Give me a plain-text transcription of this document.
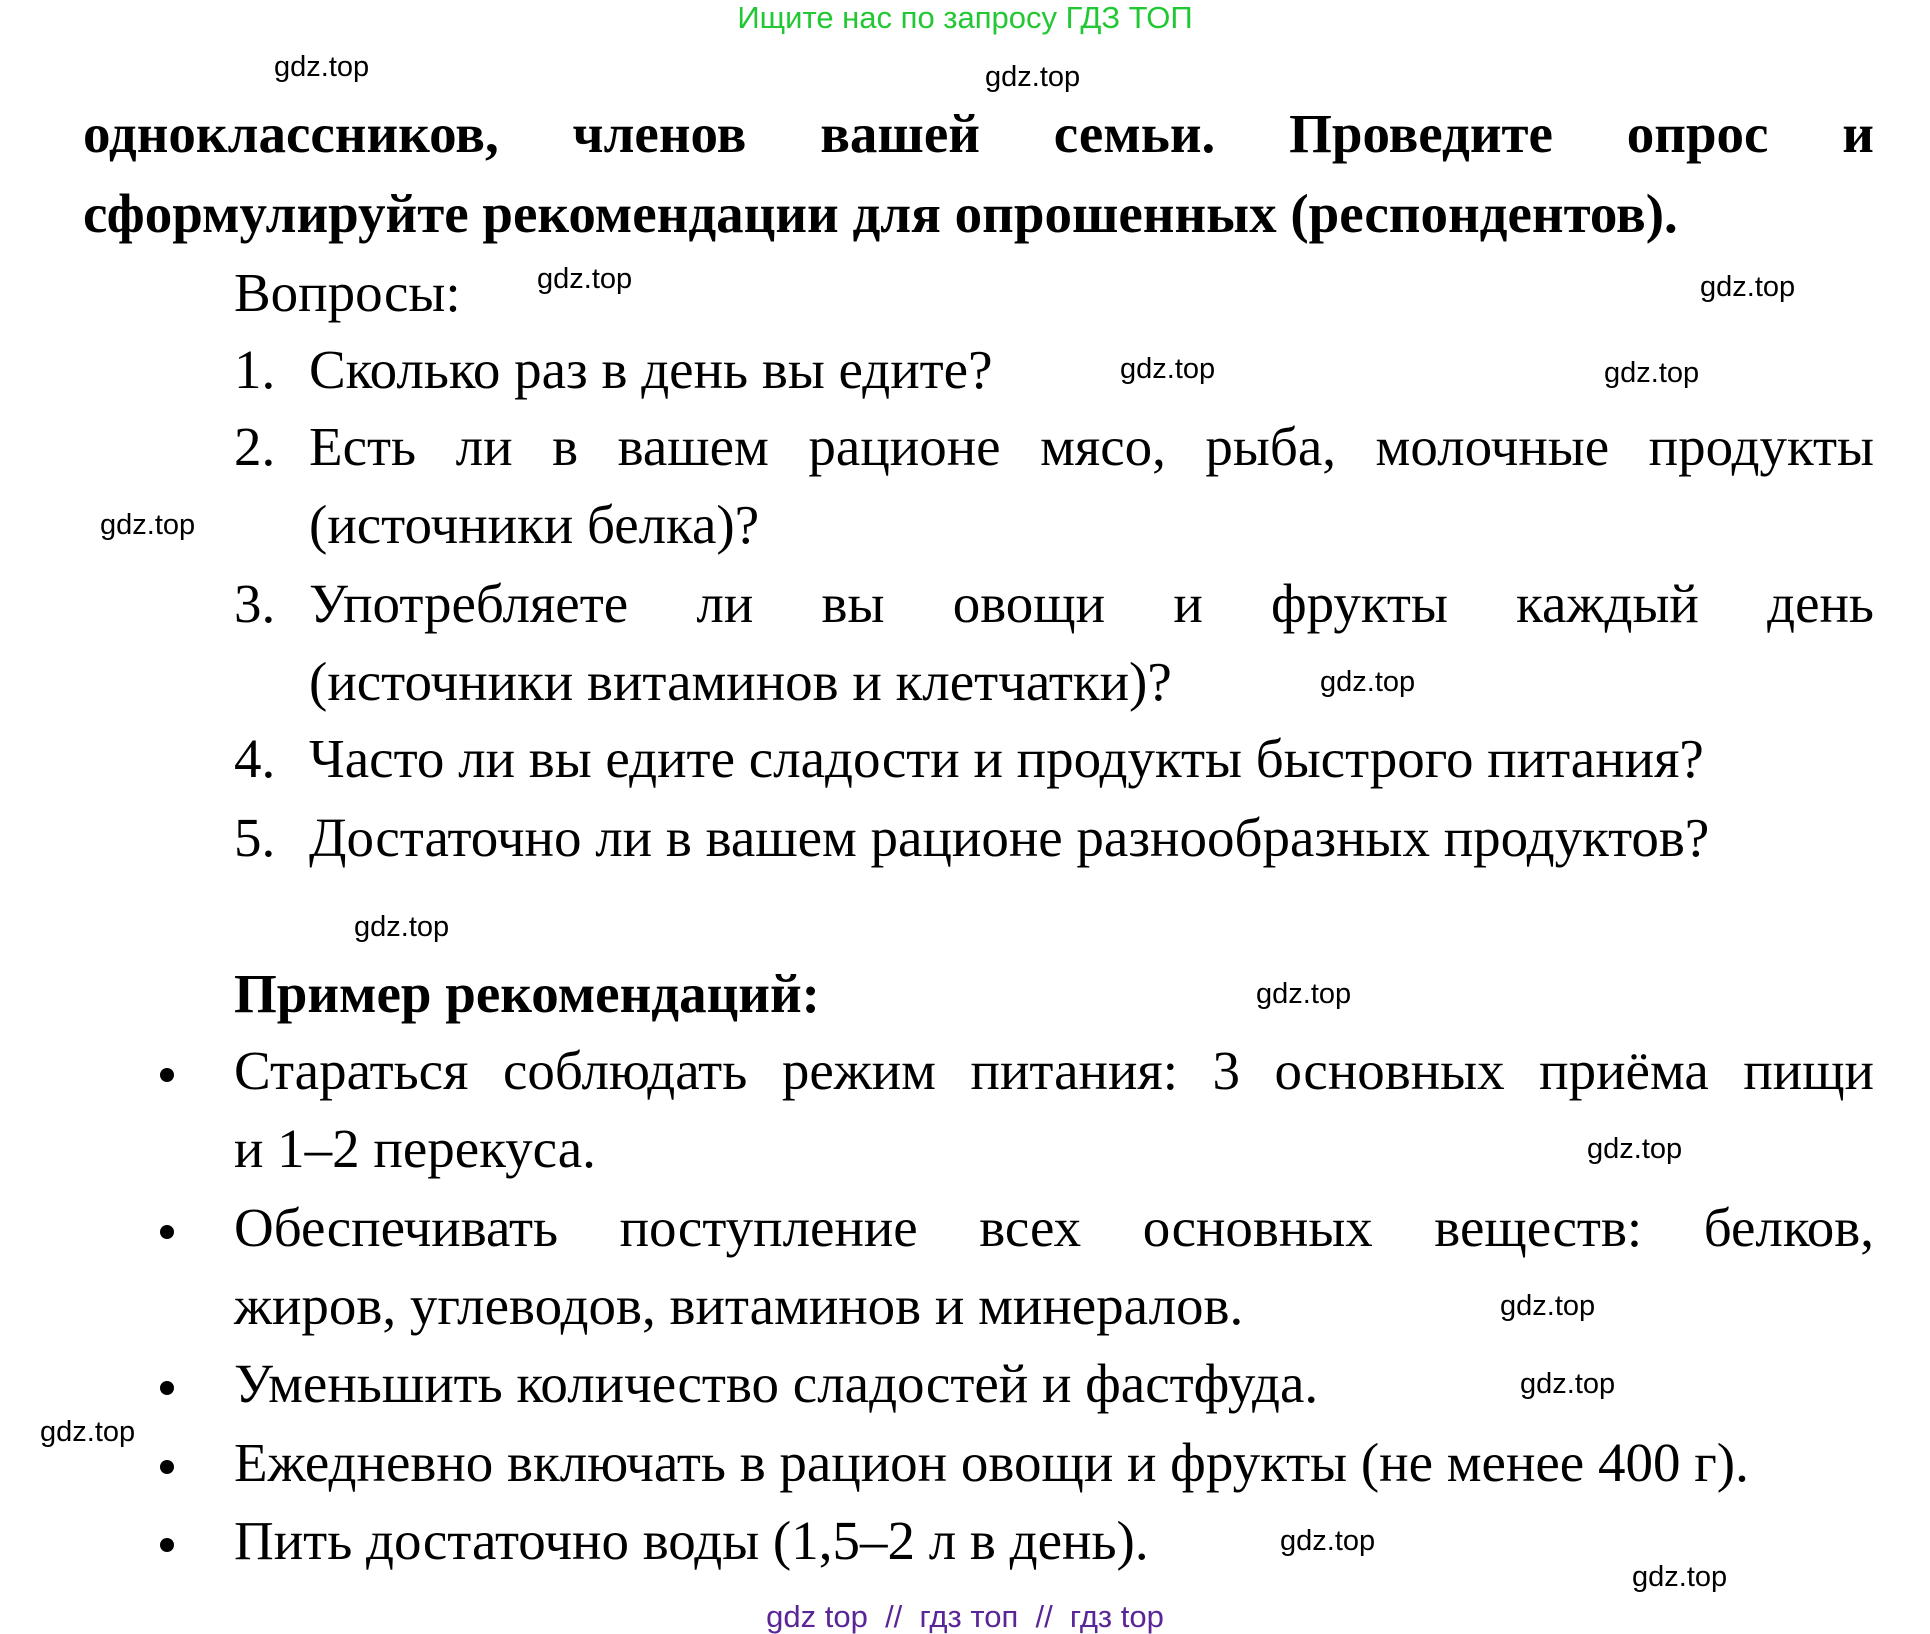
Ищите нас по запросу ГДЗ ТОП
одноклассников, членов вашей семьи. Проведите опрос и
сформулируйте рекомендации для опрошенных (респондентов).
Вопросы:
1. Сколько раз в день вы едите?
2. Есть ли в вашем рационе мясо, рыба, молочные продукты
(источники белка)?
3. Употребляете ли вы овощи и фрукты каждый день
(источники витаминов и клетчатки)?
4. Часто ли вы едите сладости и продукты быстрого питания?
5. Достаточно ли в вашем рационе разнообразных продуктов?
Пример рекомендаций:
Стараться соблюдать режим питания: 3 основных приёма пищи
и 1–2 перекуса.
Обеспечивать поступление всех основных веществ: белков,
жиров, углеводов, витаминов и минералов.
Уменьшить количество сладостей и фастфуда.
Ежедневно включать в рацион овощи и фрукты (не менее 400 г).
Пить достаточно воды (1,5–2 л в день).
gdz.top	gdz.top
gdz.top
gdz.top
gdz.top	gdz.top
gdz.top
gdz.top
gdz.top
gdz.top
gdz.top
gdz.top
gdz.top
gdz.top
gdz.top
gdz.top
gdz top  //  гдз топ  //  гдз top
